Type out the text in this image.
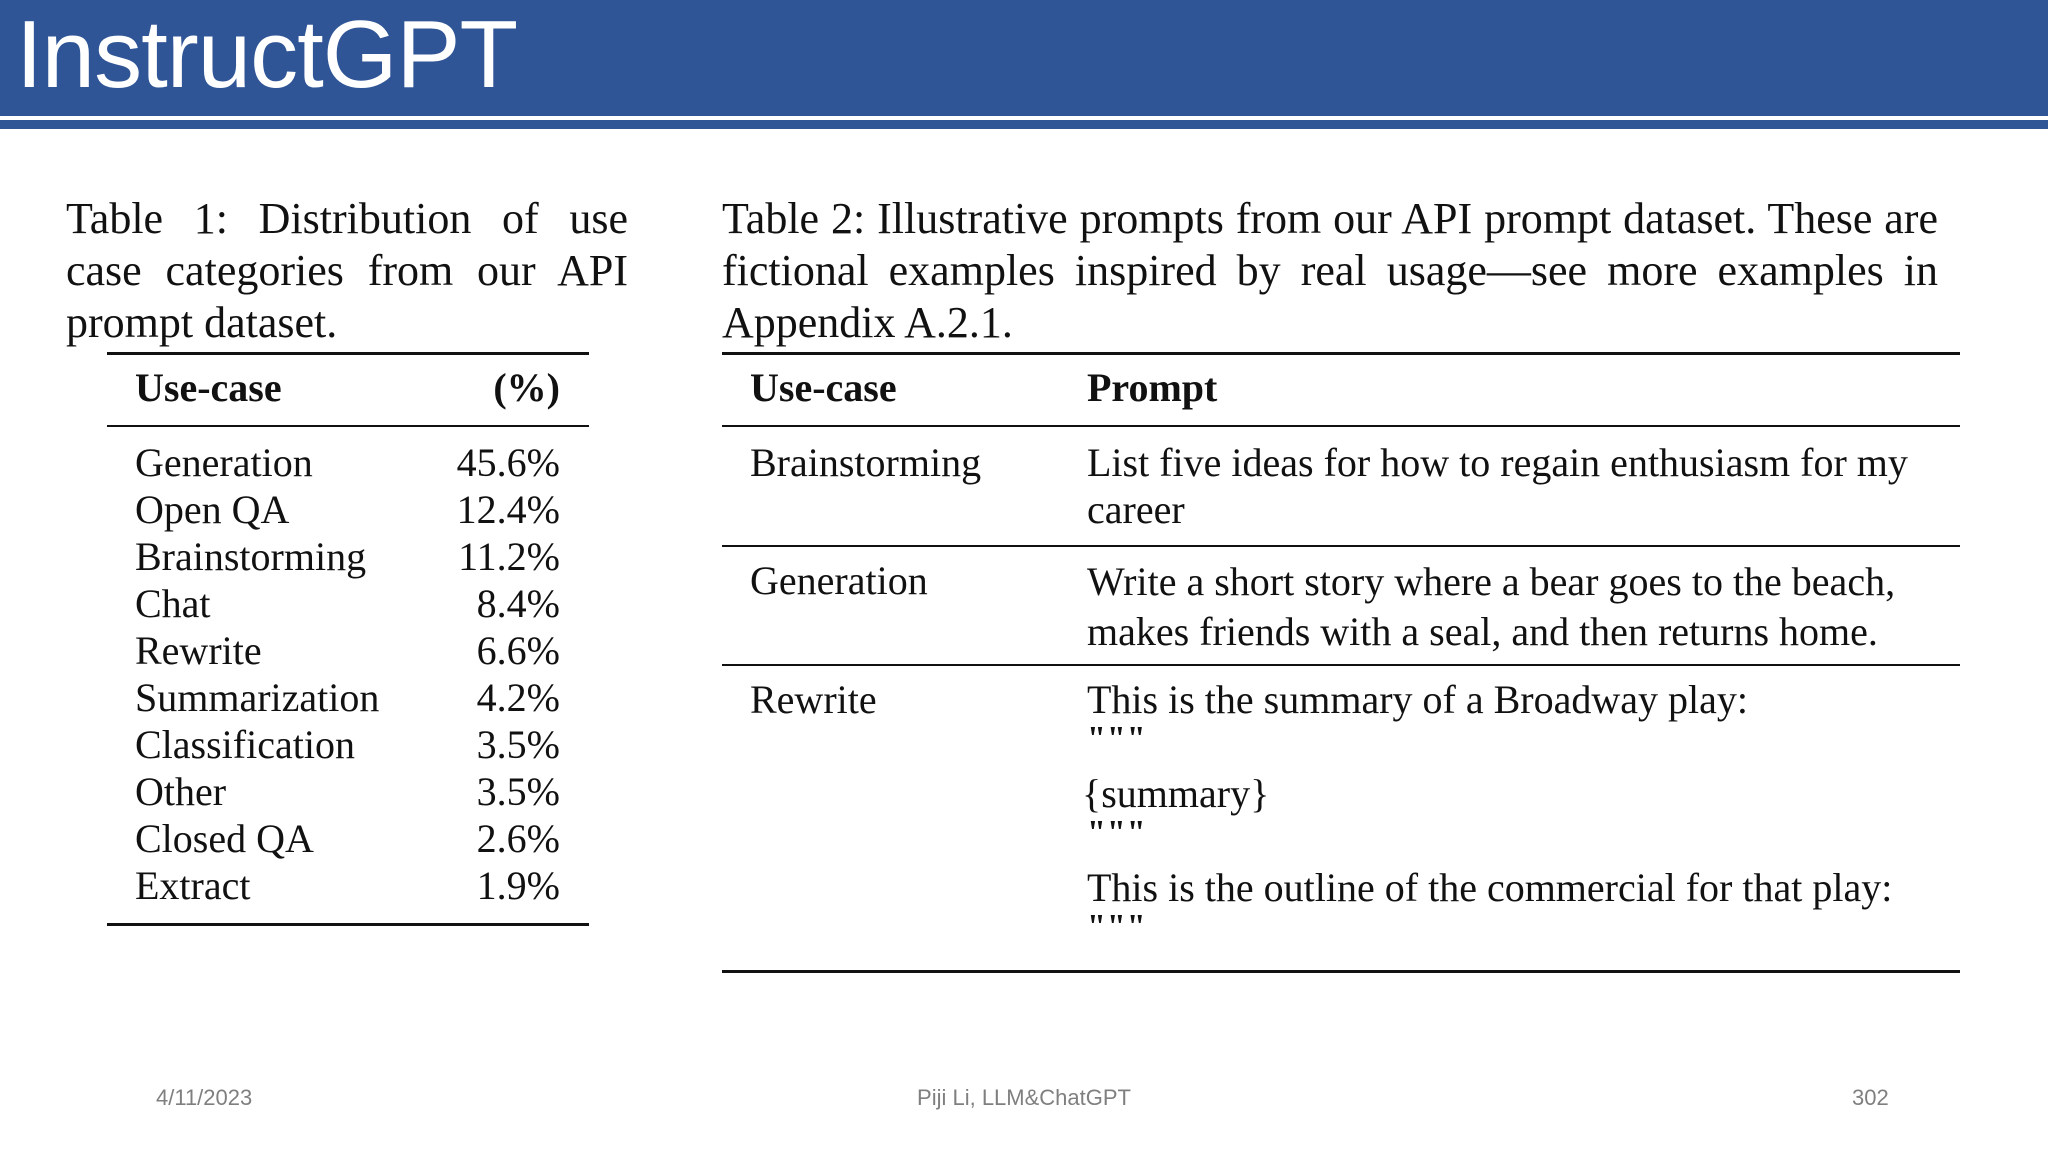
InstructGPT
Table 1: Distribution of use case categories from our API prompt dataset.
Use-case	(%)
Generation	45.6%
Open QA	12.4%
Brainstorming 11.2%
Chat	8.4%
Rewrite	6.6%
Summarization 4.2%
Classification	3.5%
Other	3.5%
Closed QA	2.6%
Extract	1.9%
Table 2: Illustrative prompts from our API prompt dataset. These are fictional examples inspired by real usage—see more examples in Appendix A.2.1.
Use-case	Prompt
Brainstorming	List five ideas for how to regain enthusiasm for my career
Generation	Write a short story where a bear goes to the beach, makes friends with a seal, and then returns home.
Rewrite	This is the summary of a Broadway play:
"""
{summary}
"""
This is the outline of the commercial for that play:
"""
4/11/2023	Piji Li, LLM&ChatGPT	302
